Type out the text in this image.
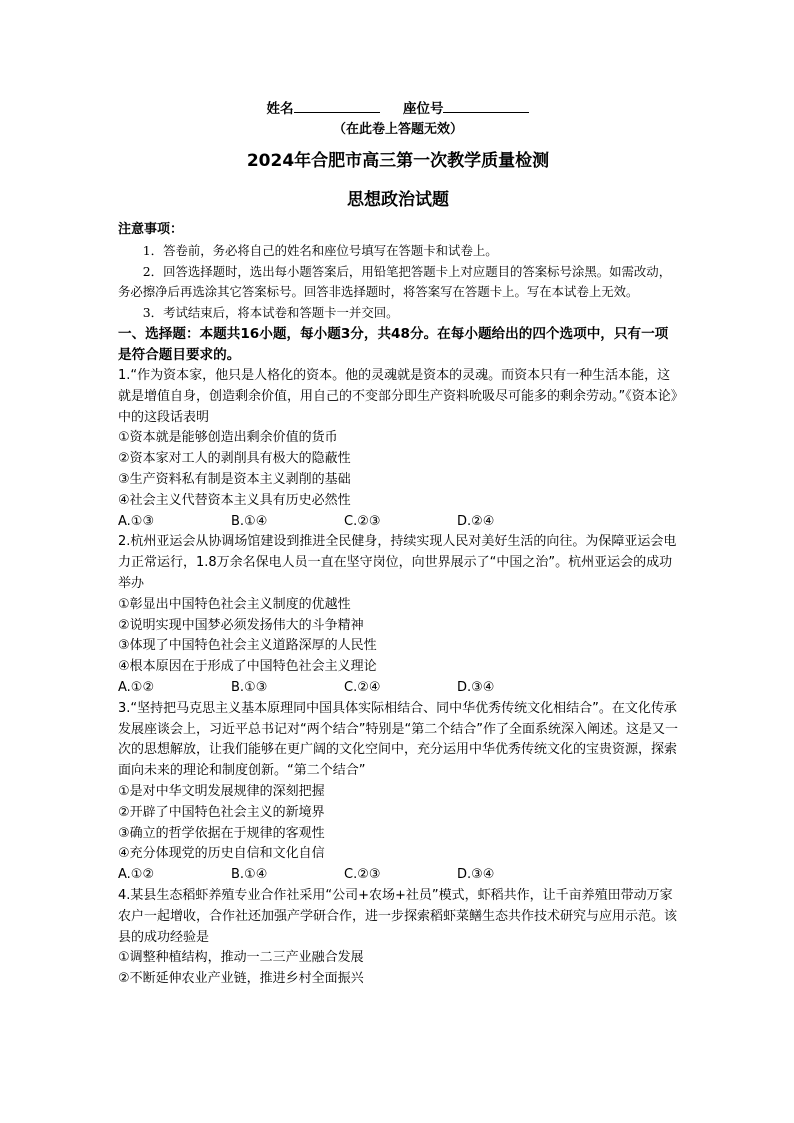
姓名	座位号
（在此卷上答题无效）
2024年合肥市高三第一次教学质量检测
思想政治试题
注意事项：

1．答卷前，务必将自己的姓名和座位号填写在答题卡和试卷上。

2．回答选择题时，选出每小题答案后，用铅笔把答题卡上对应题目的答案标号涂黑。如需改动，务必擦净后再选涂其它答案标号。回答非选择题时，将答案写在答题卡上。写在本试卷上无效。

3．考试结束后，将本试卷和答题卡一并交回。

一、选择题：本题共16小题，每小题3分，共48分。在每小题给出的四个选项中，只有一项是符合题目要求的。

1.“作为资本家，他只是人格化的资本。他的灵魂就是资本的灵魂。而资本只有一种生活本能，这就是增值自身，创造剩余价值，用自己的不变部分即生产资料吮吸尽可能多的剩余劳动。”《资本论》中的这段话表明

①资本就是能够创造出剩余价值的货币

②资本家对工人的剥削具有极大的隐蔽性

③生产资料私有制是资本主义剥削的基础

④社会主义代替资本主义具有历史必然性

A.①③	B.①④	C.②③	D.②④

2.杭州亚运会从协调场馆建设到推进全民健身，持续实现人民对美好生活的向往。为保障亚运会电力正常运行，1.8万余名保电人员一直在坚守岗位，向世界展示了“中国之治”。杭州亚运会的成功举办

①彰显出中国特色社会主义制度的优越性

②说明实现中国梦必须发扬伟大的斗争精神

③体现了中国特色社会主义道路深厚的人民性

④根本原因在于形成了中国特色社会主义理论

A.①②	B.①③	C.②④	D.③④

3.“坚持把马克思主义基本原理同中国具体实际相结合、同中华优秀传统文化相结合”。在文化传承发展座谈会上，习近平总书记对“两个结合”特别是“第二个结合”作了全面系统深入阐述。这是又一次的思想解放，让我们能够在更广阔的文化空间中，充分运用中华优秀传统文化的宝贵资源，探索面向未来的理论和制度创新。“第二个结合”

①是对中华文明发展规律的深刻把握

②开辟了中国特色社会主义的新境界

③确立的哲学依据在于规律的客观性

④充分体现党的历史自信和文化自信

A.①②	B.①④	C.②③	D.③④

4.某县生态稻虾养殖专业合作社采用“公司+农场+社员”模式，虾稻共作，让千亩养殖田带动万家农户一起增收，合作社还加强产学研合作，进一步探索稻虾菜鳝生态共作技术研究与应用示范。该县的成功经验是

①调整种植结构，推动一二三产业融合发展

②不断延伸农业产业链，推进乡村全面振兴
